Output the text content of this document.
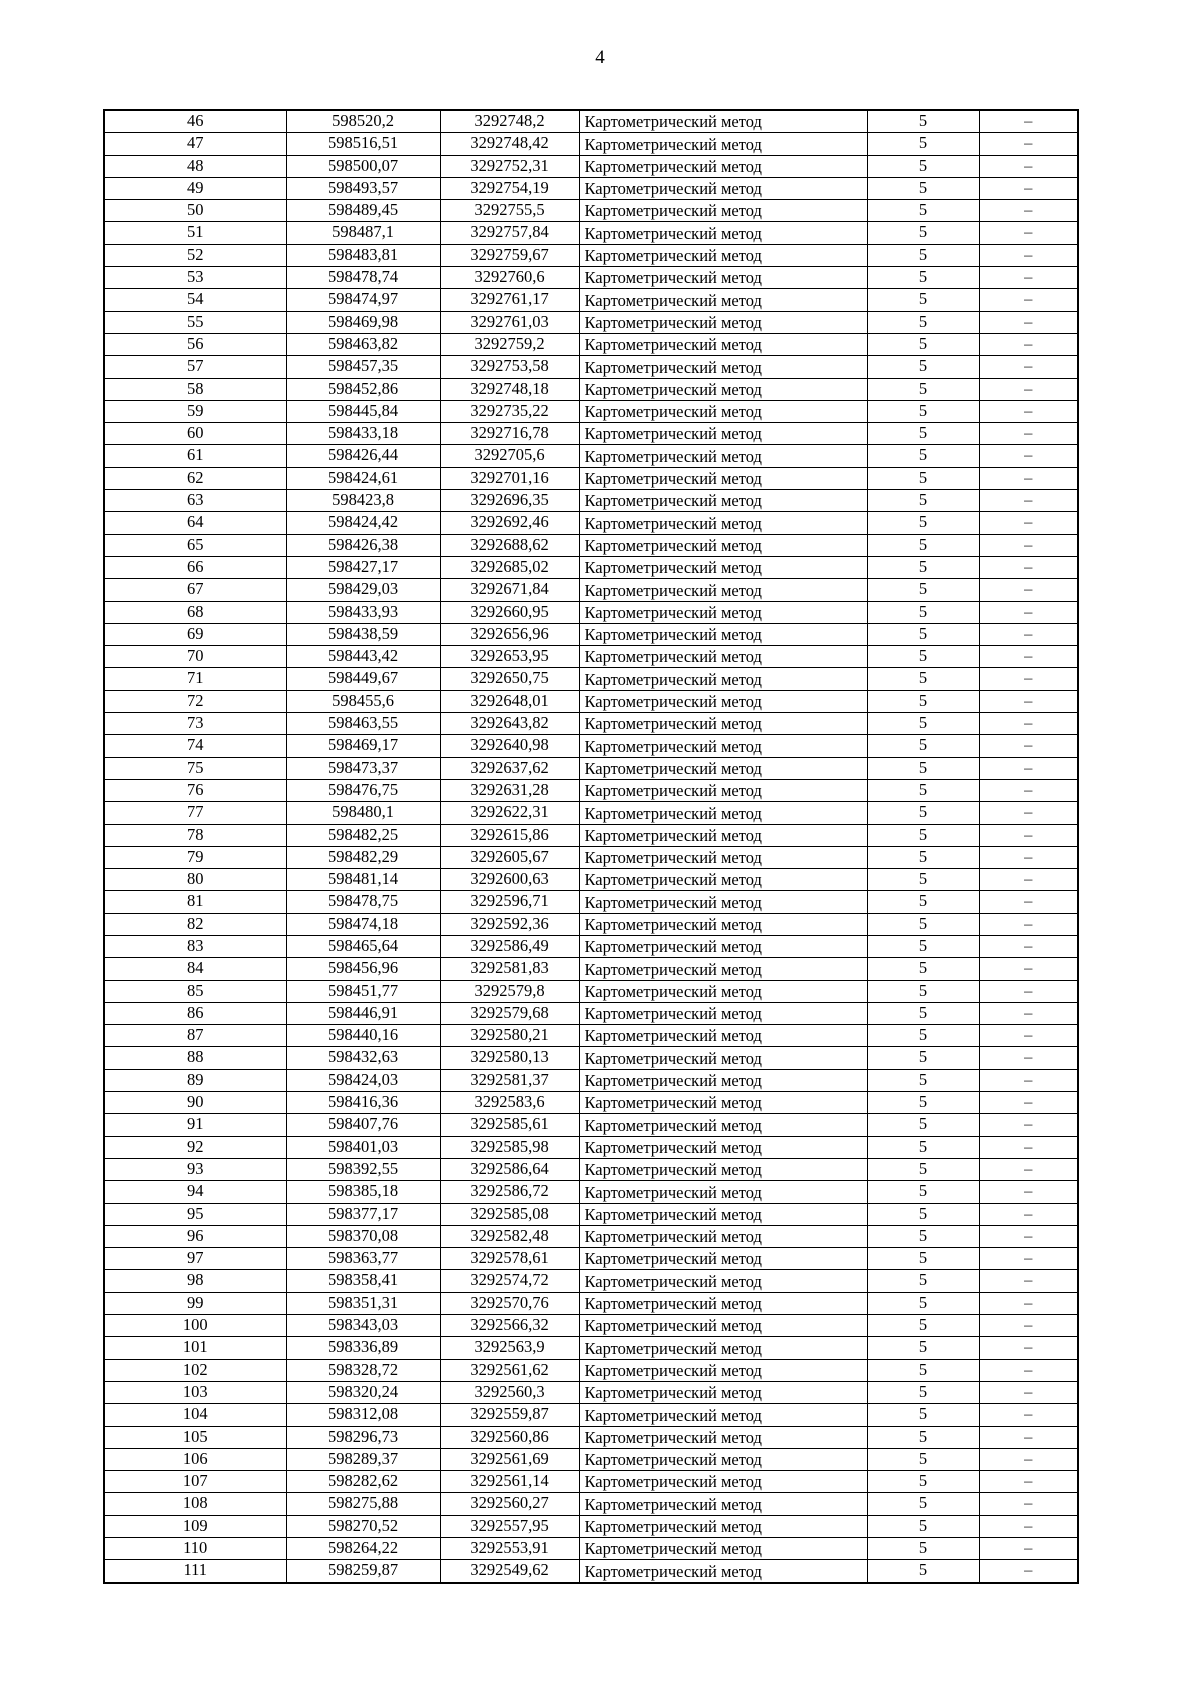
4
46	598520,2	3292748,2	Картометрический метод	5	–
47	598516,51	3292748,42	Картометрический метод	5	–
48	598500,07	3292752,31	Картометрический метод	5	–
49	598493,57	3292754,19	Картометрический метод	5	–
50	598489,45	3292755,5	Картометрический метод	5	–
51	598487,1	3292757,84	Картометрический метод	5	–
52	598483,81	3292759,67	Картометрический метод	5	–
53	598478,74	3292760,6	Картометрический метод	5	–
54	598474,97	3292761,17	Картометрический метод	5	–
55	598469,98	3292761,03	Картометрический метод	5	–
56	598463,82	3292759,2	Картометрический метод	5	–
57	598457,35	3292753,58	Картометрический метод	5	–
58	598452,86	3292748,18	Картометрический метод	5	–
59	598445,84	3292735,22	Картометрический метод	5	–
60	598433,18	3292716,78	Картометрический метод	5	–
61	598426,44	3292705,6	Картометрический метод	5	–
62	598424,61	3292701,16	Картометрический метод	5	–
63	598423,8	3292696,35	Картометрический метод	5	–
64	598424,42	3292692,46	Картометрический метод	5	–
65	598426,38	3292688,62	Картометрический метод	5	–
66	598427,17	3292685,02	Картометрический метод	5	–
67	598429,03	3292671,84	Картометрический метод	5	–
68	598433,93	3292660,95	Картометрический метод	5	–
69	598438,59	3292656,96	Картометрический метод	5	–
70	598443,42	3292653,95	Картометрический метод	5	–
71	598449,67	3292650,75	Картометрический метод	5	–
72	598455,6	3292648,01	Картометрический метод	5	–
73	598463,55	3292643,82	Картометрический метод	5	–
74	598469,17	3292640,98	Картометрический метод	5	–
75	598473,37	3292637,62	Картометрический метод	5	–
76	598476,75	3292631,28	Картометрический метод	5	–
77	598480,1	3292622,31	Картометрический метод	5	–
78	598482,25	3292615,86	Картометрический метод	5	–
79	598482,29	3292605,67	Картометрический метод	5	–
80	598481,14	3292600,63	Картометрический метод	5	–
81	598478,75	3292596,71	Картометрический метод	5	–
82	598474,18	3292592,36	Картометрический метод	5	–
83	598465,64	3292586,49	Картометрический метод	5	–
84	598456,96	3292581,83	Картометрический метод	5	–
85	598451,77	3292579,8	Картометрический метод	5	–
86	598446,91	3292579,68	Картометрический метод	5	–
87	598440,16	3292580,21	Картометрический метод	5	–
88	598432,63	3292580,13	Картометрический метод	5	–
89	598424,03	3292581,37	Картометрический метод	5	–
90	598416,36	3292583,6	Картометрический метод	5	–
91	598407,76	3292585,61	Картометрический метод	5	–
92	598401,03	3292585,98	Картометрический метод	5	–
93	598392,55	3292586,64	Картометрический метод	5	–
94	598385,18	3292586,72	Картометрический метод	5	–
95	598377,17	3292585,08	Картометрический метод	5	–
96	598370,08	3292582,48	Картометрический метод	5	–
97	598363,77	3292578,61	Картометрический метод	5	–
98	598358,41	3292574,72	Картометрический метод	5	–
99	598351,31	3292570,76	Картометрический метод	5	–
100	598343,03	3292566,32	Картометрический метод	5	–
101	598336,89	3292563,9	Картометрический метод	5	–
102	598328,72	3292561,62	Картометрический метод	5	–
103	598320,24	3292560,3	Картометрический метод	5	–
104	598312,08	3292559,87	Картометрический метод	5	–
105	598296,73	3292560,86	Картометрический метод	5	–
106	598289,37	3292561,69	Картометрический метод	5	–
107	598282,62	3292561,14	Картометрический метод	5	–
108	598275,88	3292560,27	Картометрический метод	5	–
109	598270,52	3292557,95	Картометрический метод	5	–
110	598264,22	3292553,91	Картометрический метод	5	–
111	598259,87	3292549,62	Картометрический метод	5	–
